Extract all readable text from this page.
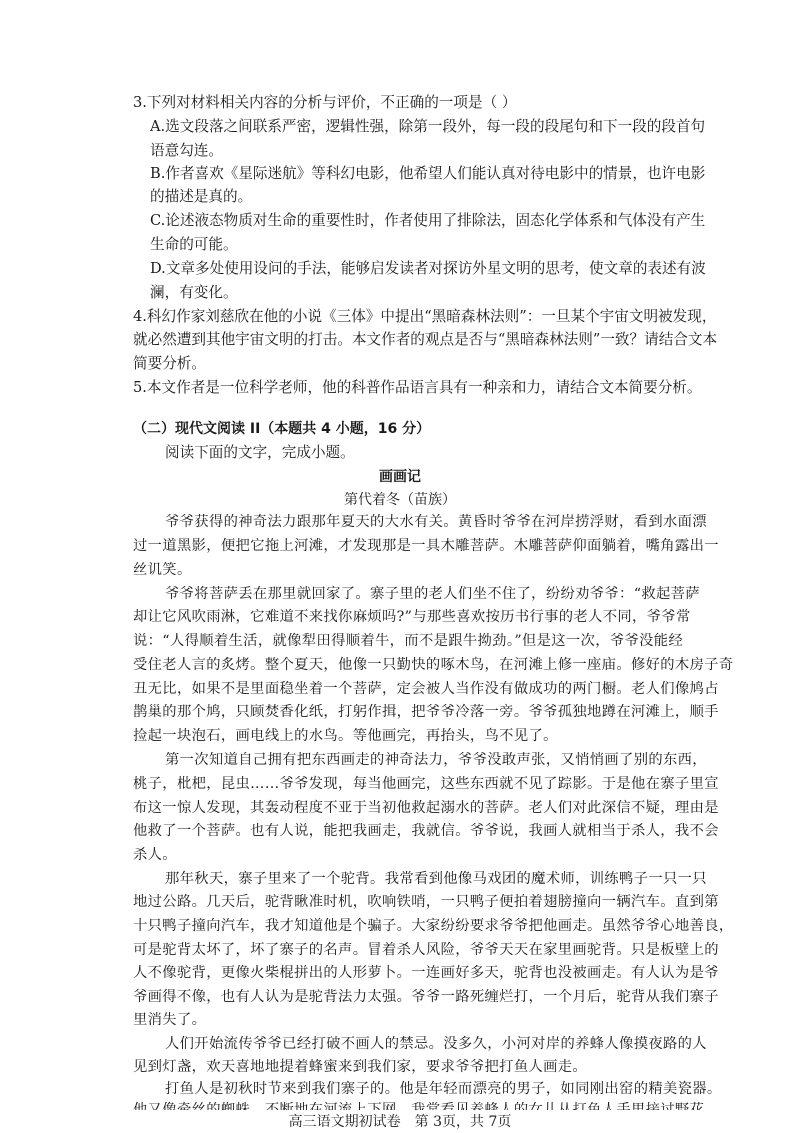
3.下列对材料相关内容的分析与评价，不正确的一项是（ ）
A.选文段落之间联系严密，逻辑性强，除第一段外，每一段的段尾句和下一段的段首句
语意勾连。
B.作者喜欢《星际迷航》等科幻电影，他希望人们能认真对待电影中的情景，也许电影
的描述是真的。
C.论述液态物质对生命的重要性时，作者使用了排除法，固态化学体系和气体没有产生
生命的可能。
D.文章多处使用设问的手法，能够启发读者对探访外星文明的思考，使文章的表述有波
澜，有变化。
4.科幻作家刘慈欣在他的小说《三体》中提出“黑暗森林法则”：一旦某个宇宙文明被发现，
就必然遭到其他宇宙文明的打击。本文作者的观点是否与“黑暗森林法则”一致？请结合文本
简要分析。
5.本文作者是一位科学老师，他的科普作品语言具有一种亲和力，请结合文本简要分析。
（二）现代文阅读 II（本题共 4 小题，16 分）
阅读下面的文字，完成小题。
画画记
第代着冬（苗族）
爷爷获得的神奇法力跟那年夏天的大水有关。黄昏时爷爷在河岸捞浮财，看到水面漂
过一道黑影，便把它拖上河滩，才发现那是一具木雕菩萨。木雕菩萨仰面躺着，嘴角露出一
丝讥笑。
爷爷将菩萨丢在那里就回家了。寨子里的老人们坐不住了，纷纷劝爷爷：“救起菩萨
却让它风吹雨淋，它难道不来找你麻烦吗?”与那些喜欢按历书行事的老人不同，爷爷常
说：“人得顺着生活，就像犁田得顺着牛，而不是跟牛拗劲。”但是这一次，爷爷没能经
受住老人言的炙烤。整个夏天，他像一只勤快的啄木鸟，在河滩上修一座庙。修好的木房子奇
丑无比，如果不是里面稳坐着一个菩萨，定会被人当作没有做成功的两门橱。老人们像鸠占
鹊巢的那个鸠，只顾焚香化纸，打躬作揖，把爷爷冷落一旁。爷爷孤独地蹲在河滩上，顺手
捡起一块泡石，画电线上的水鸟。等他画完，再抬头，鸟不见了。
第一次知道自己拥有把东西画走的神奇法力，爷爷没敢声张，又悄悄画了别的东西，
桃子，枇杷，昆虫……爷爷发现，每当他画完，这些东西就不见了踪影。于是他在寨子里宣
布这一惊人发现，其轰动程度不亚于当初他救起溺水的菩萨。老人们对此深信不疑，理由是
他救了一个菩萨。也有人说，能把我画走，我就信。爷爷说，我画人就相当于杀人，我不会
杀人。
那年秋天，寨子里来了一个驼背。我常看到他像马戏团的魔术师，训练鸭子一只一只
地过公路。几天后，驼背瞅准时机，吹响铁哨，一只鸭子便拍着翅膀撞向一辆汽车。直到第
十只鸭子撞向汽车，我才知道他是个骗子。大家纷纷要求爷爷把他画走。虽然爷爷心地善良，
可是驼背太坏了，坏了寨子的名声。冒着杀人风险，爷爷天天在家里画驼背。只是板壁上的
人不像驼背，更像火柴棍拼出的人形萝卜。一连画好多天，驼背也没被画走。有人认为是爷
爷画得不像，也有人认为是驼背法力太强。爷爷一路死缠烂打，一个月后，驼背从我们寨子
里消失了。
人们开始流传爷爷已经打破不画人的禁忌。没多久，小河对岸的养蜂人像摸夜路的人
见到灯盏，欢天喜地地提着蜂蜜来到我们家，要求爷爷把打鱼人画走。
打鱼人是初秋时节来到我们寨子的。他是年轻而漂亮的男子，如同刚出窑的精美瓷器。
高三语文期初试卷　第 3页，共 7页
